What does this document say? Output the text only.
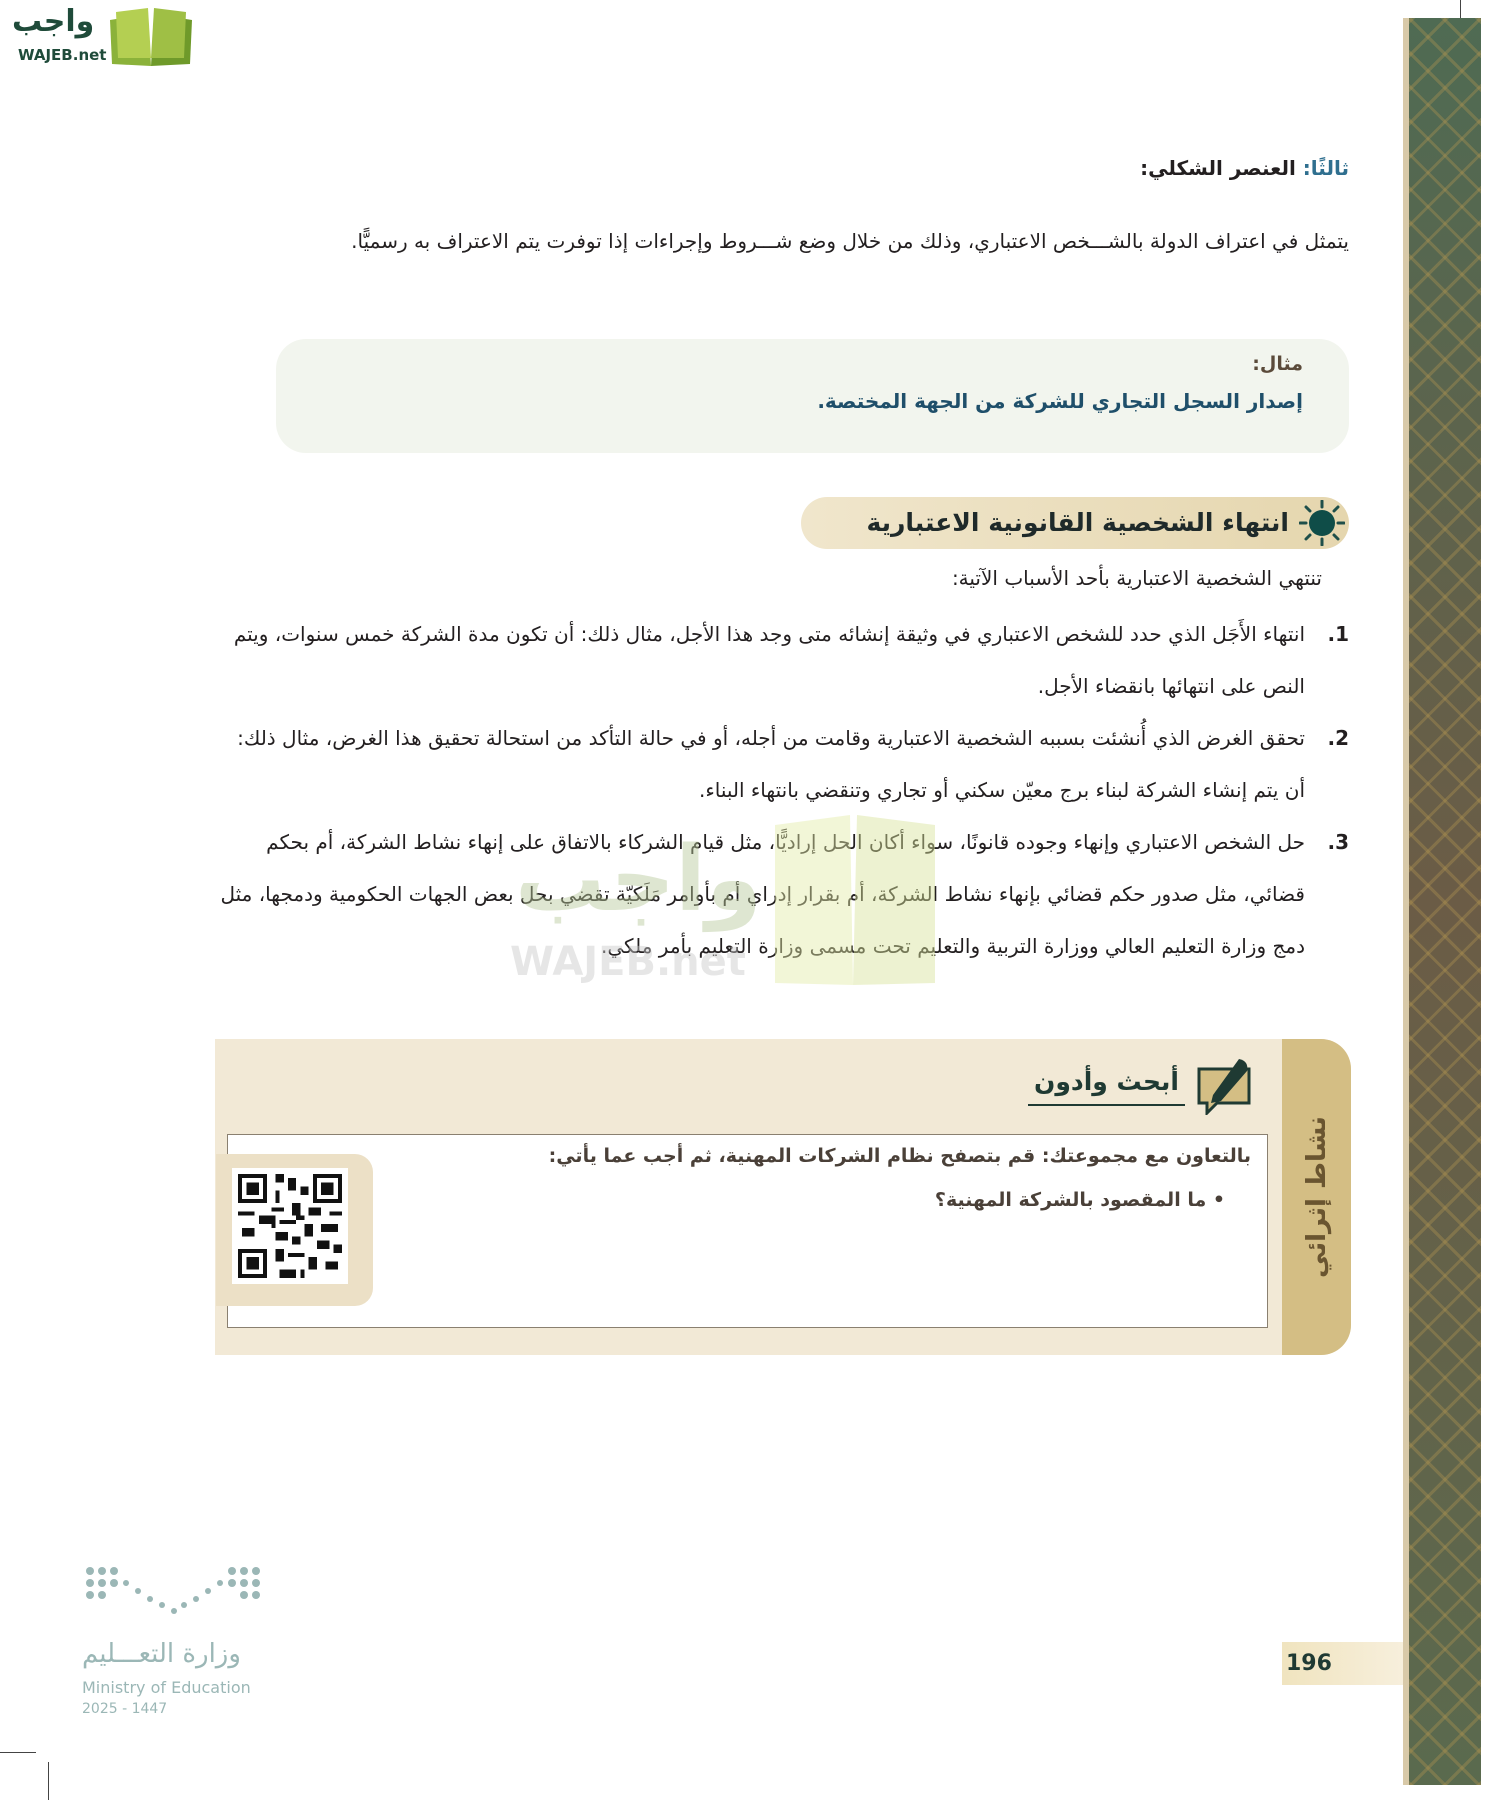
واجب
WAJEB.net
ثالثًا: العنصر الشكلي:

يتمثل في اعتراف الدولة بالشـــخص الاعتباري، وذلك من خلال وضع شـــروط وإجراءات إذا توفرت يتم الاعتراف به رسميًّا.

مثال:
إصدار السجل التجاري للشركة من الجهة المختصة.
انتهاء الشخصية القانونية الاعتبارية

تنتهي الشخصية الاعتبارية بأحد الأسباب الآتية:

1.
انتهاء الأَجَل الذي حدد للشخص الاعتباري في وثيقة إنشائه متى وجد هذا الأجل، مثال ذلك: أن تكون مدة الشركة خمس سنوات، ويتم النص على انتهائها بانقضاء الأجل.
2.
تحقق الغرض الذي أُنشئت بسببه الشخصية الاعتبارية وقامت من أجله، أو في حالة التأكد من استحالة تحقيق هذا الغرض، مثال ذلك: أن يتم إنشاء الشركة لبناء برج معيّن سكني أو تجاري وتنقضي بانتهاء البناء.
3.
حل الشخص الاعتباري وإنهاء وجوده قانونًا، سواء أكان الحل إراديًّا، مثل قيام الشركاء بالاتفاق على إنهاء نشاط الشركة، أم بحكم قضائي، مثل صدور حكم قضائي بإنهاء نشاط الشركة، أم بقرار إدراي أم بأوامر مَلَكيّة تقضي بحل بعض الجهات الحكومية ودمجها، مثل دمج وزارة التعليم العالي ووزارة التربية والتعليم تحت مسمى وزارة التعليم بأمر ملكي.
واجب
WAJEB.net
نشاط إثرائي
أبحث وأدون
بالتعاون مع مجموعتك: قم بتصفح نظام الشركات المهنية، ثم أجب عما يأتي:
• ما المقصود بالشركة المهنية؟
وزارة التعـــليم
Ministry of Education
2025 - 1447
196
